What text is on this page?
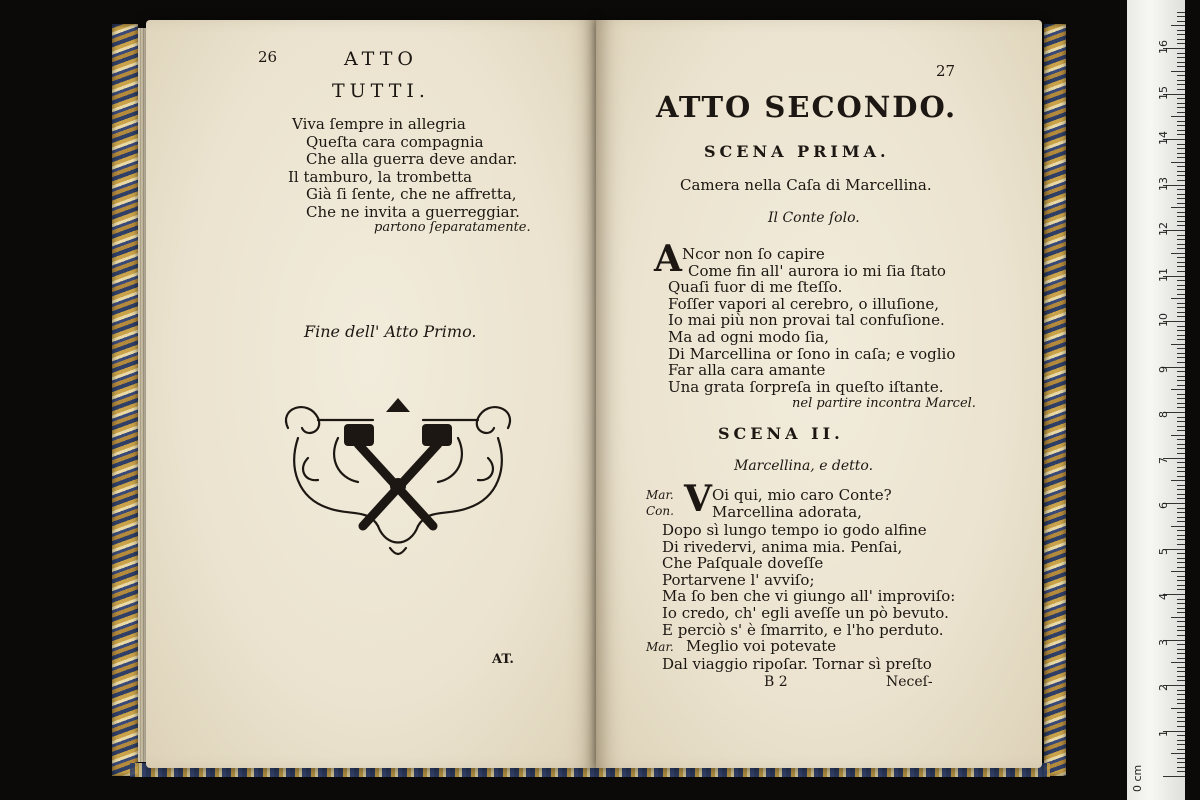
26	ATTO
TUTTI.
Viva ſempre in allegria
Queſta cara compagnia
Che alla guerra deve andar.
Il tamburo, la trombetta
Già ſi ſente, che ne affretta,
Che ne invita a guerreggiar.
partono ſeparatamente.
Fine dell' Atto Primo.
AT.
27
ATTO SECONDO.
SCENA PRIMA.
Camera nella Caſa di Marcellina.
Il Conte ſolo.
A Ncor non ſo capire
Come fin all' aurora io mi ſia ſtato
Quaſi fuor di me ſteſſo.
Foſſer vapori al cerebro, o illuſione,
Io mai più non provai tal confuſione.
Ma ad ogni modo ſia,
Di Marcellina or ſono in caſa; e voglio
Far alla cara amante
Una grata ſorpreſa in queſto iſtante.
nel partire incontra Marcel.
SCENA II.
Marcellina, e detto.
Mar.
Con. V Oi qui, mio caro Conte?
Marcellina adorata,
Dopo sì lungo tempo io godo alfine
Di rivedervi, anima mia. Penſai,
Che Paſquale doveſſe
Portarvene l' avviſo;
Ma ſo ben che vi giungo all' improviſo:
Io credo, ch' egli aveſſe un pò bevuto.
E perciò s' è ſmarrito, e l'ho perduto.
Mar. Meglio voi potevate
Dal viaggio ripoſar. Tornar sì preſto
B 2	Neceſ-
0 cm
1
2
3
4
5
6
7
8
9
10
11
12
13
14
15
16
